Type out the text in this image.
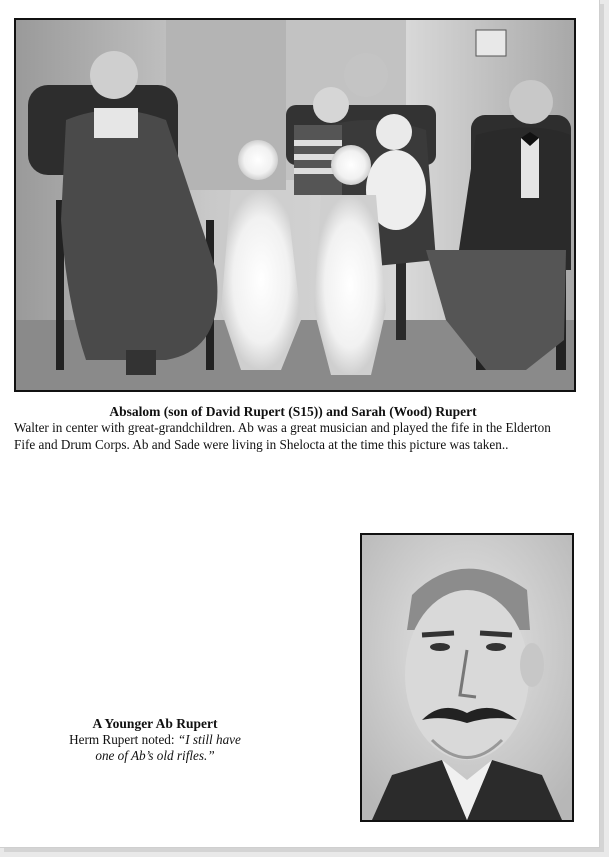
Absalom (son of David Rupert (S15)) and Sarah (Wood) Rupert
Walter in center with great-grandchildren. Ab was a great musician and played the fife in the Elderton
Fife and Drum Corps. Ab and Sade were living in Shelocta at the time this picture was taken..
A Younger Ab Rupert
Herm Rupert noted: “I still have
one of Ab’s old rifles.”
